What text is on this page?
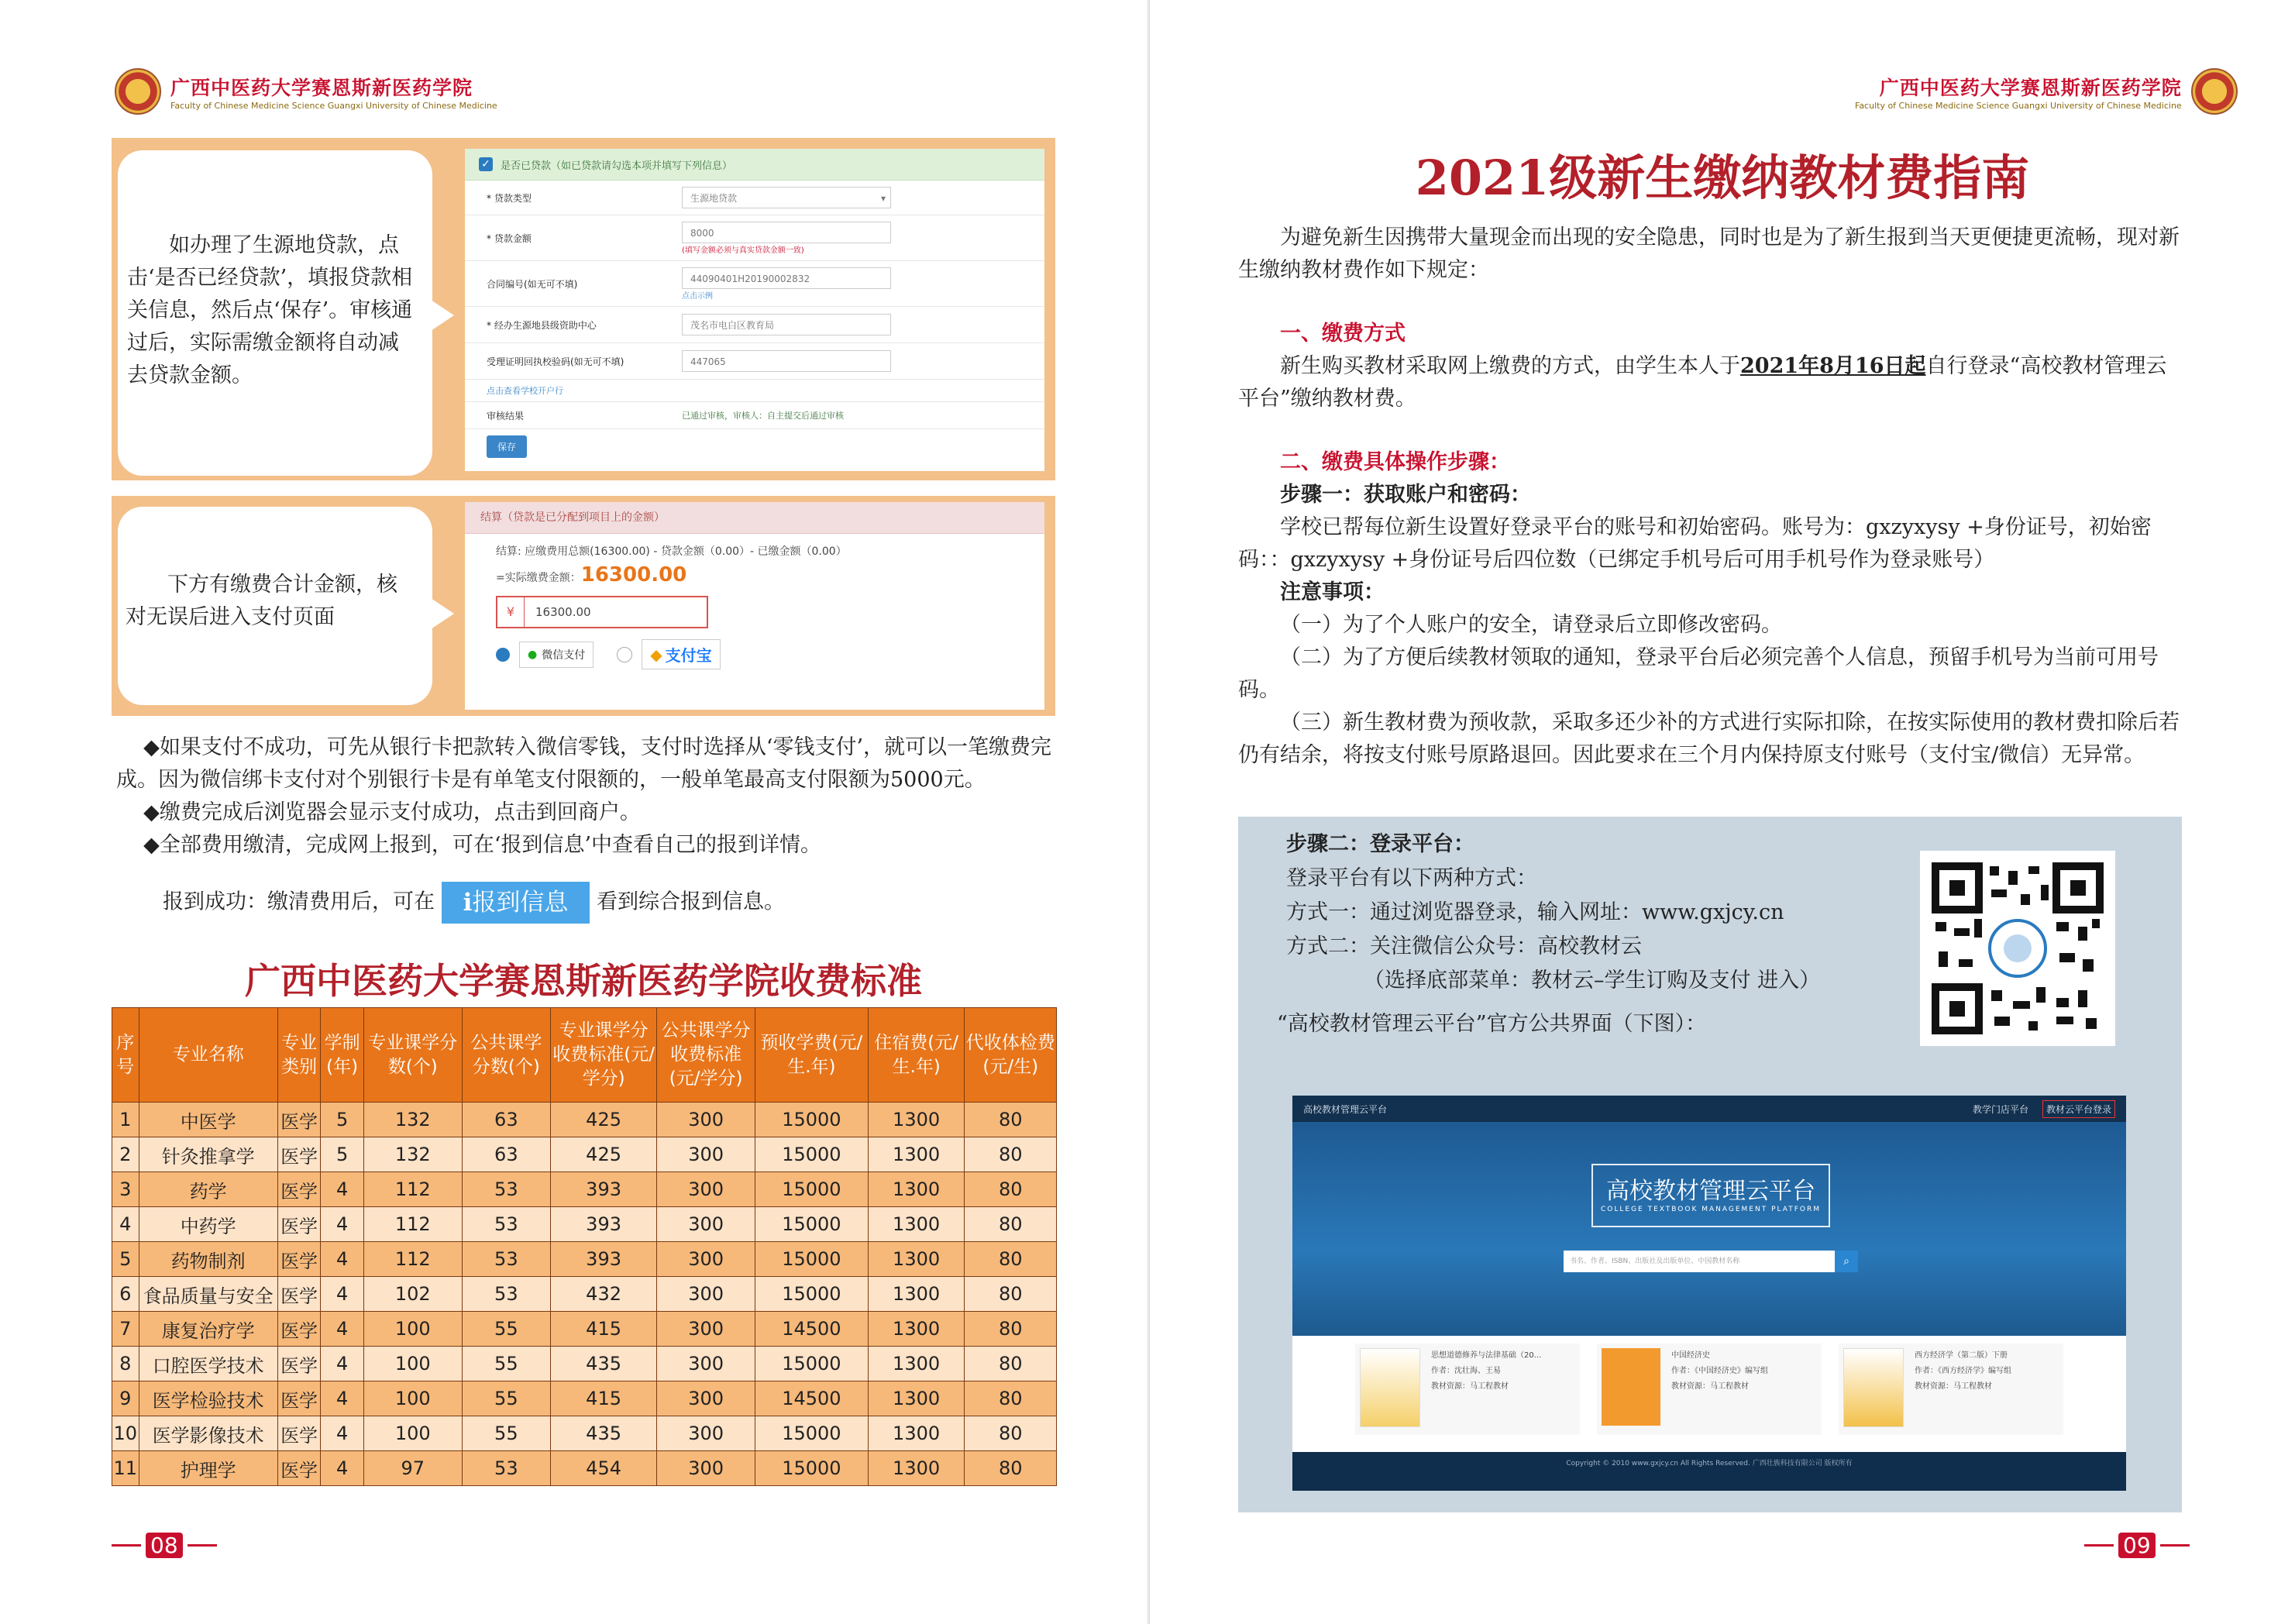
广西中医药大学赛恩斯新医药学院
Faculty of Chinese Medicine Science Guangxi University of Chinese Medicine
如办理了生源地贷款，点击‘是否已经贷款’，填报贷款相关信息，然后点‘保存’。审核通过后，实际需缴金额将自动减去贷款金额。
✓ 是否已贷款（如已贷款请勾选本项并填写下列信息）
* 贷款类型	生源地贷款	▾
* 贷款金额	8000
(填写金额必须与真实贷款金额一致)
合同编号(如无可不填)	44090401H20190002832
点击示例
* 经办生源地县级资助中心	茂名市电白区教育局
受理证明回执校验码(如无可不填)	447065
点击查看学校开户行
审核结果	已通过审核，审核人：自主提交后通过审核
保存
下方有缴费合计金额，核对无误后进入支付页面
结算（贷款是已分配到项目上的金额）
结算: 应缴费用总额(16300.00) - 贷款金额（0.00）- 已缴金额（0.00）
=实际缴费金额：16300.00
¥	16300.00
● 微信支付	◆ 支付宝
◆如果支付不成功，可先从银行卡把款转入微信零钱，支付时选择从‘零钱支付’，就可以一笔缴费完成。因为微信绑卡支付对个别银行卡是有单笔支付限额的，一般单笔最高支付限额为5000元。
◆缴费完成后浏览器会显示支付成功，点击到回商户。
◆全部费用缴清，完成网上报到，可在‘报到信息’中查看自己的报到详情。
报到成功：缴清费用后，可在 ℹ报到信息 看到综合报到信息。
广西中医药大学赛恩斯新医药学院收费标准
序号	专业名称	专业类别	学制(年)	专业课学分数(个)	公共课学分数(个)	专业课学分收费标准(元/学分)	公共课学分收费标准(元/学分)	预收学费(元/生.年)	住宿费(元/生.年)	代收体检费(元/生)
1	中医学	医学	5	132	63	425	300	15000	1300	80
2	针灸推拿学	医学	5	132	63	425	300	15000	1300	80
3	药学	医学	4	112	53	393	300	15000	1300	80
4	中药学	医学	4	112	53	393	300	15000	1300	80
5	药物制剂	医学	4	112	53	393	300	15000	1300	80
6	食品质量与安全	医学	4	102	53	432	300	15000	1300	80
7	康复治疗学	医学	4	100	55	415	300	14500	1300	80
8	口腔医学技术	医学	4	100	55	435	300	15000	1300	80
9	医学检验技术	医学	4	100	55	415	300	14500	1300	80
10	医学影像技术	医学	4	100	55	435	300	15000	1300	80
11	护理学	医学	4	97	53	454	300	15000	1300	80
08
广西中医药大学赛恩斯新医药学院
Faculty of Chinese Medicine Science Guangxi University of Chinese Medicine
2021级新生缴纳教材费指南
为避免新生因携带大量现金而出现的安全隐患，同时也是为了新生报到当天更便捷更流畅，现对新生缴纳教材费作如下规定：
一、缴费方式
新生购买教材采取网上缴费的方式，由学生本人于2021年8月16日起自行登录“高校教材管理云平台”缴纳教材费。
二、缴费具体操作步骤：
步骤一：获取账户和密码：
学校已帮每位新生设置好登录平台的账号和初始密码。账号为：gxzyxysy +身份证号，初始密码：：gxzyxysy +身份证号后四位数（已绑定手机号后可用手机号作为登录账号）
注意事项：
（一）为了个人账户的安全，请登录后立即修改密码。
（二）为了方便后续教材领取的通知，登录平台后必须完善个人信息，预留手机号为当前可用号码。
（三）新生教材费为预收款，采取多还少补的方式进行实际扣除，在按实际使用的教材费扣除后若仍有结余，将按支付账号原路退回。因此要求在三个月内保持原支付账号（支付宝/微信）无异常。
步骤二：登录平台：
登录平台有以下两种方式：
方式一：通过浏览器登录，输入网址：www.gxjcy.cn
方式二：关注微信公众号：高校教材云
（选择底部菜单：教材云–学生订购及支付 进入）
“高校教材管理云平台”官方公共界面（下图）：
高校教材管理云平台	教学门店平台	教材云平台登录
高校教材管理云平台
COLLEGE TEXTBOOK MANAGEMENT PLATFORM
书名、作者、ISBN、出版社及出版单位、中国教材名称	⌕
思想道德修养与法律基础（20...
作者：沈壮海、王易
教材资源：马工程教材
中国经济史
作者：《中国经济史》编写组
教材资源：马工程教材
西方经济学（第二版）下册
作者：《西方经济学》编写组
教材资源：马工程教材
Copyright © 2010 www.gxjcy.cn All Rights Reserved. 广西壮族科技有限公司 版权所有
09
